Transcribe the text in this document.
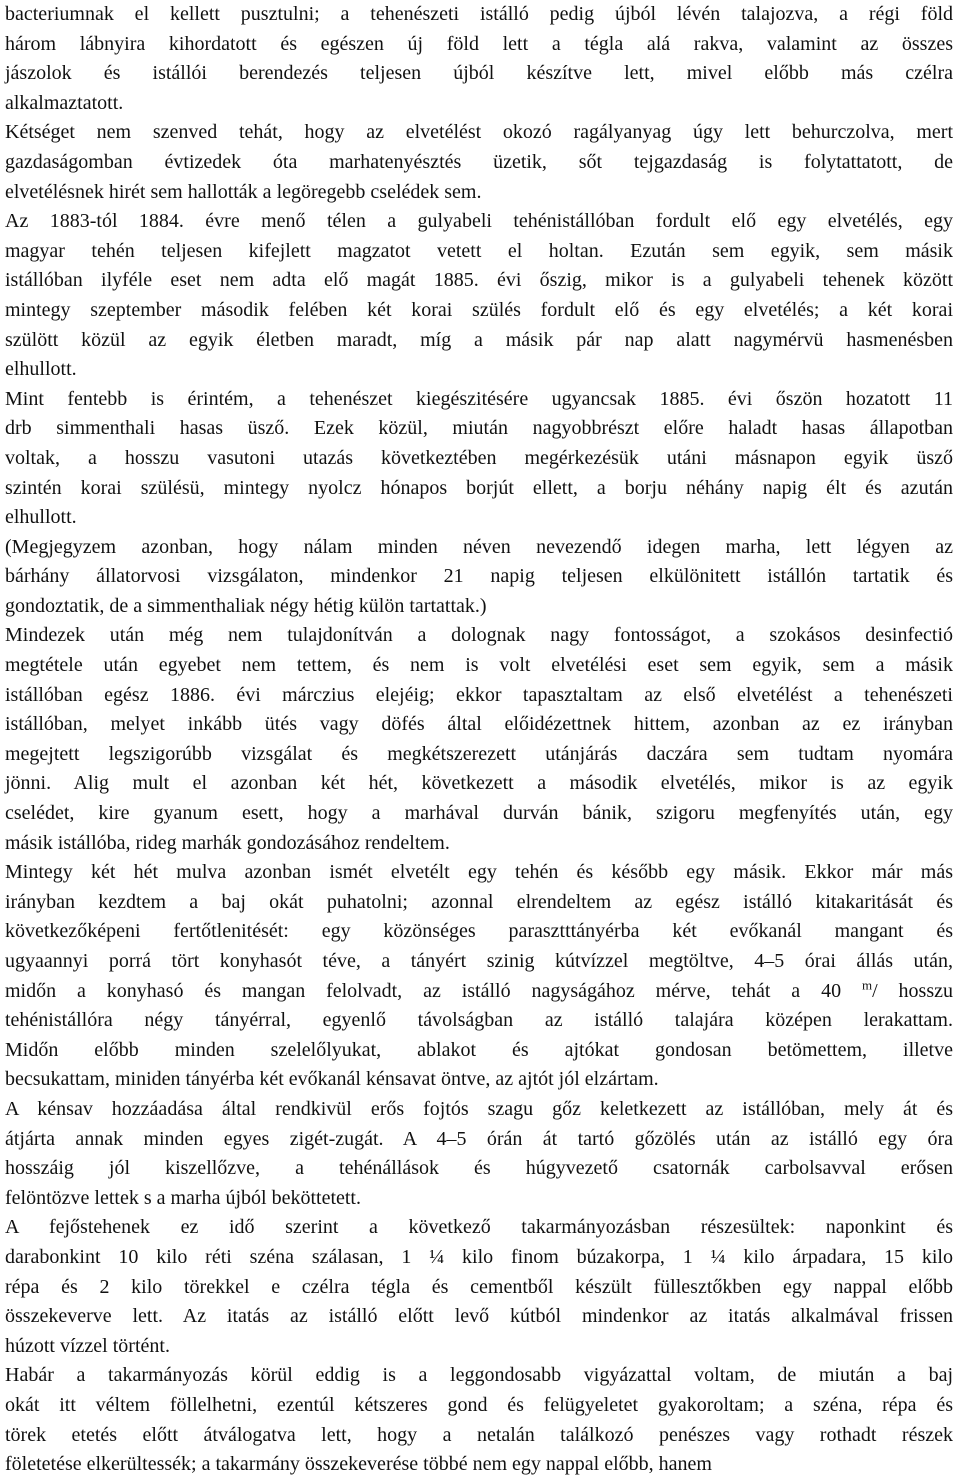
bacteriumnak el kellett pusztulni; a tehenészeti istálló pedig újból lévén talajozva, a régi föld
három lábnyira kihordatott és egészen új föld lett a tégla alá rakva, valamint az összes
jászolok és istállói berendezés teljesen újból készítve lett, mivel előbb más czélra
alkalmaztatott.
Kétséget nem szenved tehát, hogy az elvetélést okozó ragályanyag úgy lett behurczolva, mert
gazdaságomban évtizedek óta marhatenyésztés üzetik, sőt tejgazdaság is folytattatott, de
elvetélésnek hirét sem hallották a legöregebb cselédek sem.
Az 1883-tól 1884. évre menő télen a gulyabeli tehénistállóban fordult elő egy elvetélés, egy
magyar tehén teljesen kifejlett magzatot vetett el holtan. Ezután sem egyik, sem másik
istállóban ilyféle eset nem adta elő magát 1885. évi őszig, mikor is a gulyabeli tehenek között
mintegy szeptember második felében két korai szülés fordult elő és egy elvetélés; a két korai
szülött közül az egyik életben maradt, míg a másik pár nap alatt nagymérvü hasmenésben
elhullott.
Mint fentebb is érintém, a tehenészet kiegészitésére ugyancsak 1885. évi őszön hozatott 11
drb simmenthali hasas üsző. Ezek közül, miután nagyobbrészt előre haladt hasas állapotban
voltak, a hosszu vasutoni utazás következtében megérkezésük utáni másnapon egyik üsző
szintén korai szülésü, mintegy nyolcz hónapos borjút ellett, a borju néhány napig élt és azután
elhullott.
(Megjegyzem azonban, hogy nálam minden néven nevezendő idegen marha, lett légyen az
bárhány állatorvosi vizsgálaton, mindenkor 21 napig teljesen elkülönitett istállón tartatik és
gondoztatik, de a simmenthaliak négy hétig külön tartattak.)
Mindezek után még nem tulajdonítván a dolognak nagy fontosságot, a szokásos desinfectió
megtétele után egyebet nem tettem, és nem is volt elvetélési eset sem egyik, sem a másik
istállóban egész 1886. évi márczius elejéig; ekkor tapasztaltam az első elvetélést a tehenészeti
istállóban, melyet inkább ütés vagy döfés által előidézettnek hittem, azonban az ez irányban
megejtett legszigorúbb vizsgálat és megkétszerezett utánjárás daczára sem tudtam nyomára
jönni. Alig mult el azonban két hét, következett a második elvetélés, mikor is az egyik
cselédet, kire gyanum esett, hogy a marhával durván bánik, szigoru megfenyítés után, egy
másik istállóba, rideg marhák gondozásához rendeltem.
Mintegy két hét mulva azonban ismét elvetélt egy tehén és később egy másik. Ekkor már más
irányban kezdtem a baj okát puhatolni; azonnal elrendeltem az egész istálló kitakaritását és
következőképeni fertőtlenitését: egy közönséges parasztttányérba két evőkanál mangant és
ugyaannyi porrá tört konyhasót téve, a tányért szinig kútvízzel megtöltve, 4–5 órai állás után,
midőn a konyhasó és mangan felolvadt, az istálló nagyságához mérve, tehát a 40 $^m$/ hosszu
tehénistállóra négy tányérral, egyenlő távolságban az istálló talajára középen lerakattam.
Midőn előbb minden szelelőlyukat, ablakot és ajtókat gondosan betömettem, illetve
becsukattam, miniden tányérba két evőkanál kénsavat öntve, az ajtót jól elzártam.
A kénsav hozzáadása által rendkivül erős fojtós szagu gőz keletkezett az istállóban, mely át és
átjárta annak minden egyes zigét-zugát. A 4–5 órán át tartó gőzölés után az istálló egy óra
hosszáig jól kiszellőzve, a tehénállások és húgyvezető csatornák carbolsavval erősen
felöntözve lettek s a marha újból beköttetett.
A fejőstehenek ez idő szerint a következő takarmányozásban részesültek: naponkint és
darabonkint 10 kilo réti széna szálasan, 1 ¼ kilo finom búzakorpa, 1 ¼ kilo árpadara, 15 kilo
répa és 2 kilo törekkel e czélra tégla és cementből készült füllesztőkben egy nappal előbb
összekeverve lett. Az itatás az istálló előtt levő kútból mindenkor az itatás alkalmával frissen
húzott vízzel történt.
Habár a takarmányozás körül eddig is a leggondosabb vigyázattal voltam, de miután a baj
okát itt véltem föllelhetni, ezentúl kétszeres gond és felügyeletet gyakoroltam; a széna, répa és
törek etetés előtt átválogatva lett, hogy a netalán találkozó penészes vagy rothadt részek
föletetése elkerültessék; a takarmány összekeverése többé nem egy nappal előbb, hanem
